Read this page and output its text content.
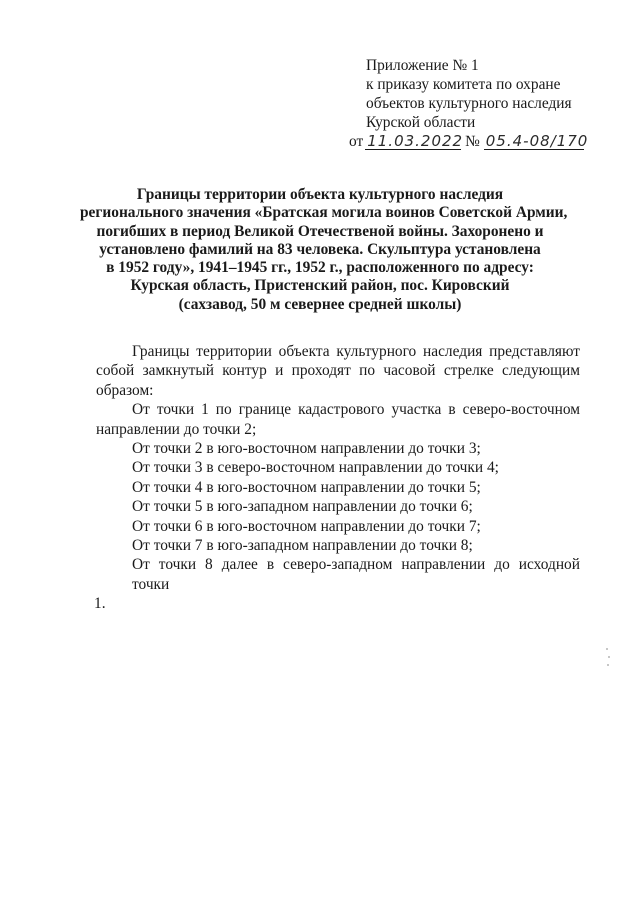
Приложение № 1
к приказу комитета по охране
объектов культурного наследия
Курской области
от 11.03.2022 № 05.4-08/170
Границы территории объекта культурного наследия
регионального значения «Братская могила воинов Советской Армии,
погибших в период Великой Отечественой войны. Захоронено и
установлено фамилий на 83 человека. Скульптура установлена
в 1952 году», 1941–1945 гг., 1952 г., расположенного по адресу:
Курская область, Пристенский район, пос. Кировский
(сахзавод, 50 м севернее средней школы)
Границы территории объекта культурного наследия представляют
собой замкнутый контур и проходят по часовой стрелке следующим
образом:
От точки 1 по границе кадастрового участка в северо-восточном
направлении до точки 2;
От точки 2 в юго-восточном направлении до точки 3;
От точки 3 в северо-восточном направлении до точки 4;
От точки 4 в юго-восточном направлении до точки 5;
От точки 5 в юго-западном направлении до точки 6;
От точки 6 в юго-восточном направлении до точки 7;
От точки 7 в юго-западном направлении до точки 8;
От точки 8 далее в северо-западном направлении до исходной точки
1.
